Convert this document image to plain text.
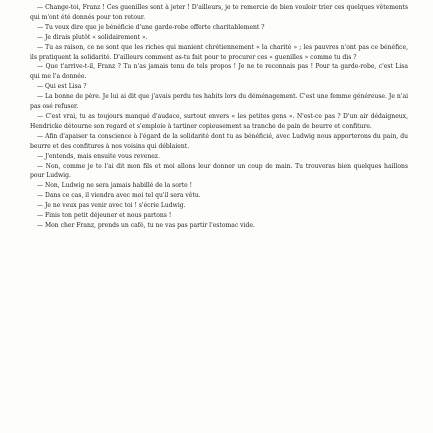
— Change-toi, Franz ! Ces guenilles sont à jeter ! D'ailleurs, je te remercie de bien vouloir trier ces quelques vêtements qui m'ont été donnés pour ton retour.

— Tu veux dire que je bénéficie d'une garde-robe offerte charitablement ?

— Je dirais plutôt « solidairement ».

— Tu as raison, ce ne sont que les riches qui manient chrétiennement « la charité » ; les pauvres n'ont pas ce bénéfice, ils pratiquent la solidarité. D'ailleurs comment as-tu fait pour te procurer ces « guenilles » comme tu dis ?

— Que t'arrive-t-il, Franz ? Tu n'as jamais tenu de tels propos ! Je ne te reconnais pas ! Pour ta garde-robe, c'est Lisa qui me l'a donnée.

— Qui est Lisa ?

— La bonne de père. Je lui ai dit que j'avais perdu tes habits lors du déménagement. C'est une femme généreuse. Je n'ai pas osé refuser.

— C'est vrai, tu as toujours manqué d'audace, surtout envers « les petites gens ». N'est-ce pas ? D'un air dédaigneux, Hendricke détourne son regard et s'emploie à tartiner copieusement sa tranche de pain de beurre et confiture.

— Afin d'apaiser ta conscience à l'égard de la solidarité dont tu as bénéficié, avec Ludwig nous apporterons du pain, du beurre et des confitures à nos voisins qui déblaient.

— J'entends, mais ensuite vous revenez.

— Non, comme je te l'ai dit mon fils et moi allons leur donner un coup de main. Tu trouveras bien quelques haillons pour Ludwig.

— Non, Ludwig ne sera jamais habillé de la sorte !

— Dans ce cas, il viendra avec moi tel qu'il sera vêtu.

— Je ne veux pas venir avec toi ! s'écrie Ludwig.

— Finis ton petit déjeuner et nous partons !

— Mon cher Franz, prends un café, tu ne vas pas partir l'estomac vide.
